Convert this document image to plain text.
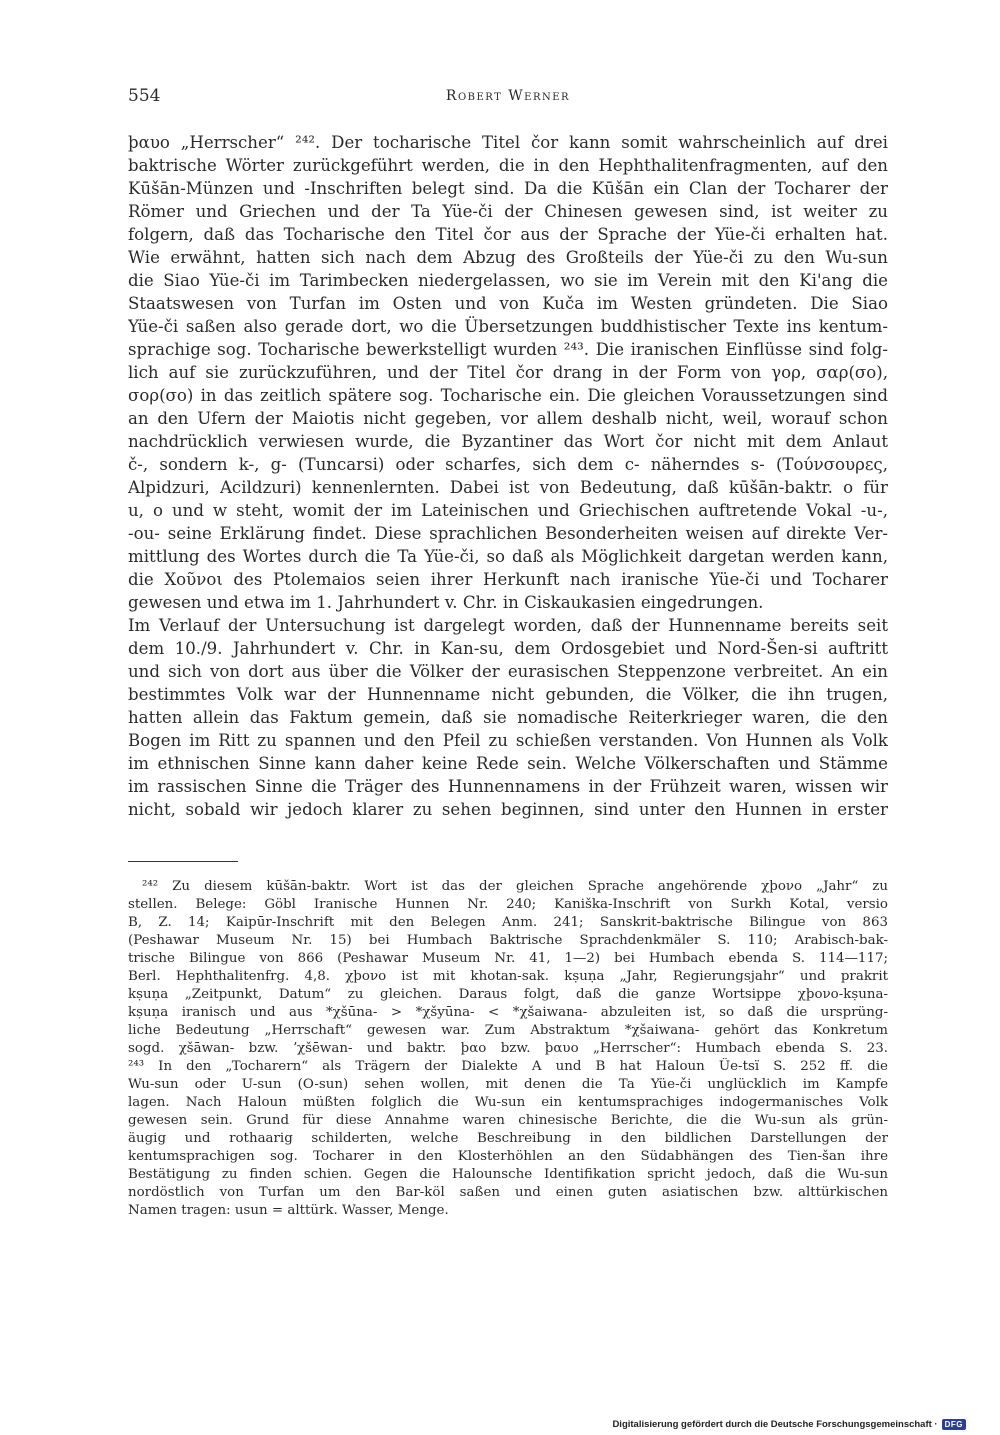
554	Robert Werner
þαυο „Herrscher“ ²⁴². Der tocharische Titel čor kann somit wahrscheinlich auf drei
baktrische Wörter zurückgeführt werden, die in den Hephthalitenfragmenten, auf den
Kūšān-Münzen und -Inschriften belegt sind. Da die Kūšān ein Clan der Tocharer der
Römer und Griechen und der Ta Yüe-či der Chinesen gewesen sind, ist weiter zu
folgern, daß das Tocharische den Titel čor aus der Sprache der Yüe-či erhalten hat.
Wie erwähnt, hatten sich nach dem Abzug des Großteils der Yüe-či zu den Wu-sun
die Siao Yüe-či im Tarimbecken niedergelassen, wo sie im Verein mit den Ki'ang die
Staatswesen von Turfan im Osten und von Kuča im Westen gründeten. Die Siao
Yüe-či saßen also gerade dort, wo die Übersetzungen buddhistischer Texte ins kentum-
sprachige sog. Tocharische bewerkstelligt wurden ²⁴³. Die iranischen Einflüsse sind folg-
lich auf sie zurückzuführen, und der Titel čor drang in der Form von γορ, σαρ(σο),
σορ(σο) in das zeitlich spätere sog. Tocharische ein. Die gleichen Voraussetzungen sind
an den Ufern der Maiotis nicht gegeben, vor allem deshalb nicht, weil, worauf schon
nachdrücklich verwiesen wurde, die Byzantiner das Wort čor nicht mit dem Anlaut
č-, sondern k-, g- (Tuncarsi) oder scharfes, sich dem c- näherndes s- (Τούνσουρες,
Alpidzuri, Acildzuri) kennenlernten. Dabei ist von Bedeutung, daß kūšān-baktr. o für
u, o und w steht, womit der im Lateinischen und Griechischen auftretende Vokal -u-,
-ou- seine Erklärung findet. Diese sprachlichen Besonderheiten weisen auf direkte Ver-
mittlung des Wortes durch die Ta Yüe-či, so daß als Möglichkeit dargetan werden kann,
die Χοῦνοι des Ptolemaios seien ihrer Herkunft nach iranische Yüe-či und Tocharer
gewesen und etwa im 1. Jahrhundert v. Chr. in Ciskaukasien eingedrungen.
Im Verlauf der Untersuchung ist dargelegt worden, daß der Hunnenname bereits seit
dem 10./9. Jahrhundert v. Chr. in Kan-su, dem Ordosgebiet und Nord-Šen-si auftritt
und sich von dort aus über die Völker der eurasischen Steppenzone verbreitet. An ein
bestimmtes Volk war der Hunnenname nicht gebunden, die Völker, die ihn trugen,
hatten allein das Faktum gemein, daß sie nomadische Reiterkrieger waren, die den
Bogen im Ritt zu spannen und den Pfeil zu schießen verstanden. Von Hunnen als Volk
im ethnischen Sinne kann daher keine Rede sein. Welche Völkerschaften und Stämme
im rassischen Sinne die Träger des Hunnennamens in der Frühzeit waren, wissen wir
nicht, sobald wir jedoch klarer zu sehen beginnen, sind unter den Hunnen in erster
²⁴² Zu diesem kūšān-baktr. Wort ist das der gleichen Sprache angehörende χþονο „Jahr“ zu
stellen. Belege: Göbl Iranische Hunnen Nr. 240; Kaniška-Inschrift von Surkh Kotal, versio
B, Z. 14; Kaipūr-Inschrift mit den Belegen Anm. 241; Sanskrit-baktrische Bilingue von 863
(Peshawar Museum Nr. 15) bei Humbach Baktrische Sprachdenkmäler S. 110; Arabisch-bak-
trische Bilingue von 866 (Peshawar Museum Nr. 41, 1—2) bei Humbach ebenda S. 114—117;
Berl. Hephthalitenfrg. 4,8. χþονο ist mit khotan-sak. kṣuṇa „Jahr, Regierungsjahr“ und prakrit
kṣuṇa „Zeitpunkt, Datum“ zu gleichen. Daraus folgt, daß die ganze Wortsippe χþονο-kṣuna-
kṣuṇa iranisch und aus *χšūna- > *χšyūna- < *χšaiwana- abzuleiten ist, so daß die ursprüng-
liche Bedeutung „Herrschaft“ gewesen war. Zum Abstraktum *χšaiwana- gehört das Konkretum
sogd. χšāwan- bzw. ʼχšēwan- und baktr. þαο bzw. þαυο „Herrscher“: Humbach ebenda S. 23.
²⁴³ In den „Tocharern“ als Trägern der Dialekte A und B hat Haloun Üe-tsï S. 252 ff. die
Wu-sun oder U-sun (O-sun) sehen wollen, mit denen die Ta Yüe-či unglücklich im Kampfe
lagen. Nach Haloun müßten folglich die Wu-sun ein kentumsprachiges indogermanisches Volk
gewesen sein. Grund für diese Annahme waren chinesische Berichte, die die Wu-sun als grün-
äugig und rothaarig schilderten, welche Beschreibung in den bildlichen Darstellungen der
kentumsprachigen sog. Tocharer in den Klosterhöhlen an den Südabhängen des Tien-šan ihre
Bestätigung zu finden schien. Gegen die Halounsche Identifikation spricht jedoch, daß die Wu-sun
nordöstlich von Turfan um den Bar-köl saßen und einen guten asiatischen bzw. alttürkischen
Namen tragen: usun = alttürk. Wasser, Menge.
Digitalisierung gefördert durch die Deutsche Forschungsgemeinschaft · DFG
